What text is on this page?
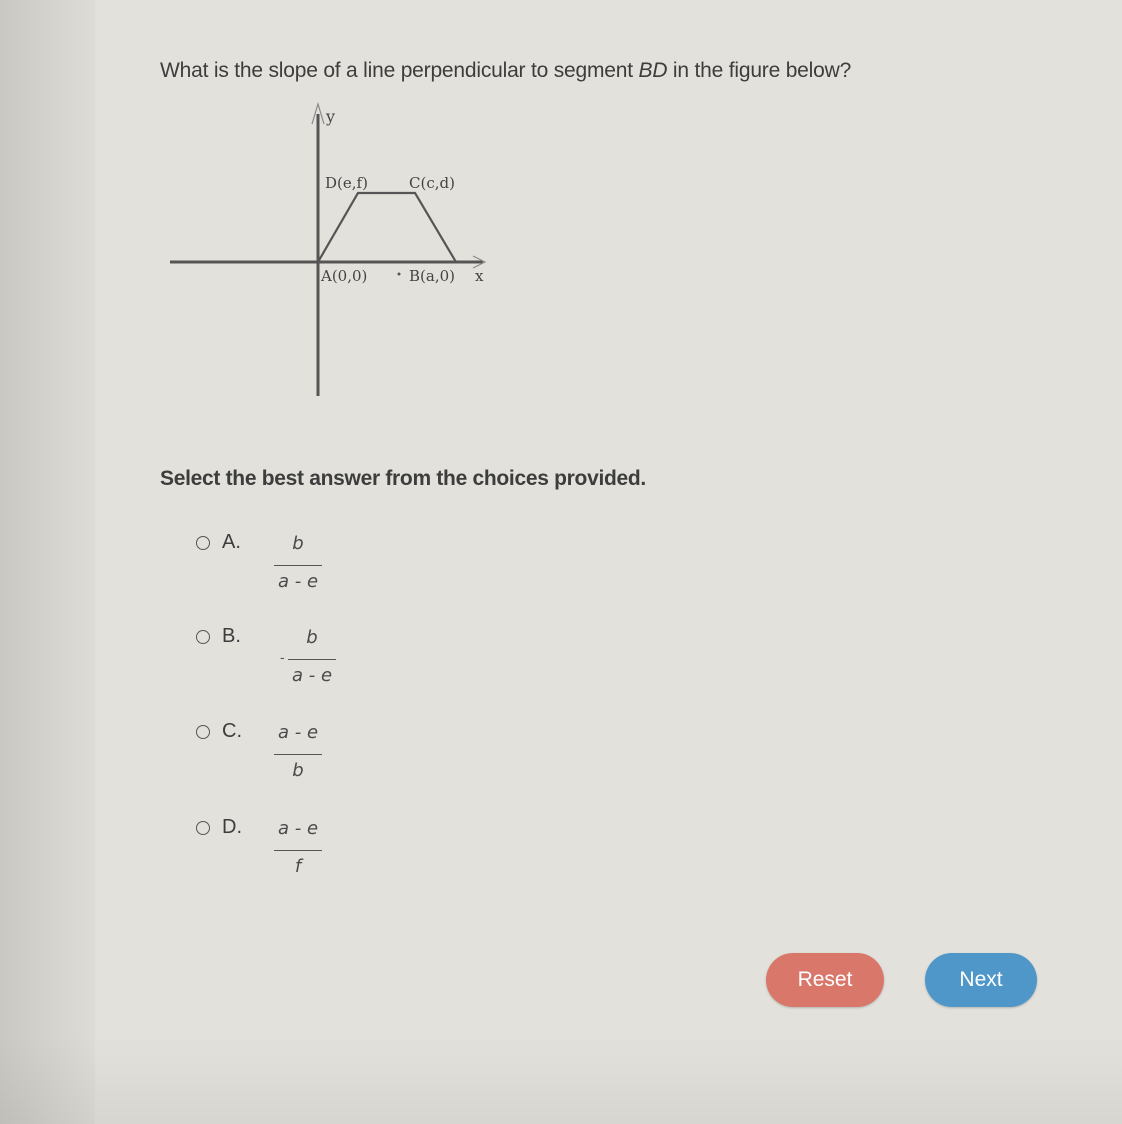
What is the slope of a line perpendicular to segment BD in the figure below?
y
x
D(e,f)	C(c,d)
A(0,0)	B(a,0)
Select the best answer from the choices provided.
A.	b
a - e
B.
-
b
a - e
C. a - e
b
D. a - e
f
Reset	Next
